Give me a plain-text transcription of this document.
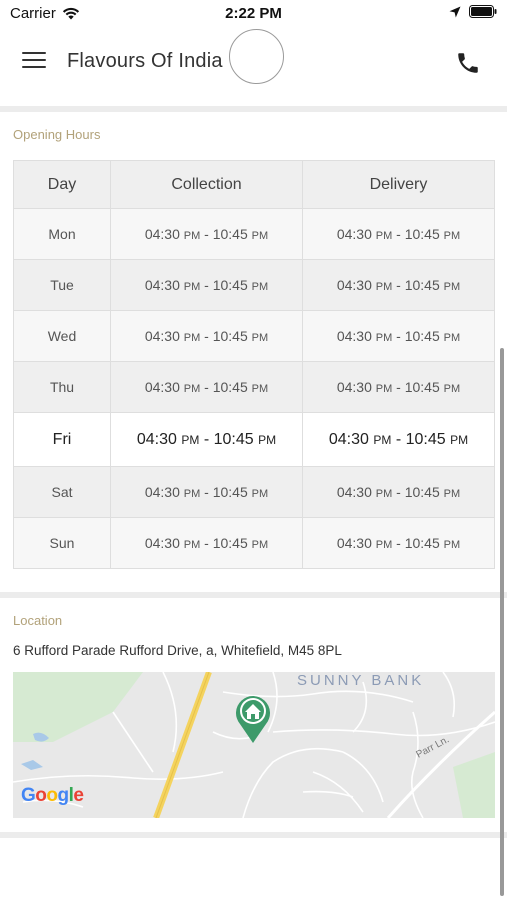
Carrier	2:22 PM
Flavours Of India
Opening Hours
Day	Collection	Delivery
Mon	04:30 PM - 10:45 PM	04:30 PM - 10:45 PM
Tue	04:30 PM - 10:45 PM	04:30 PM - 10:45 PM
Wed	04:30 PM - 10:45 PM	04:30 PM - 10:45 PM
Thu	04:30 PM - 10:45 PM	04:30 PM - 10:45 PM
Fri	04:30 PM - 10:45 PM	04:30 PM - 10:45 PM
Sat	04:30 PM - 10:45 PM	04:30 PM - 10:45 PM
Sun	04:30 PM - 10:45 PM	04:30 PM - 10:45 PM
Location
6 Rufford Parade Rufford Drive, a, Whitefield, M45 8PL
SUNNY BANK
Parr Ln.
Google
